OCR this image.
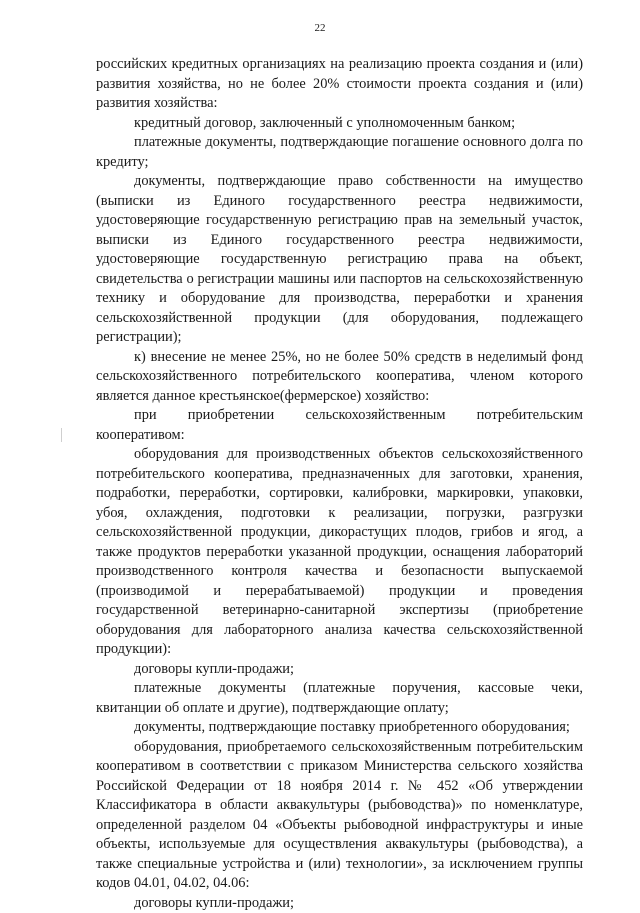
22

российских кредитных организациях на реализацию проекта создания и (или) развития хозяйства, но не более 20% стоимости проекта создания и (или) развития хозяйства:

кредитный договор, заключенный с уполномоченным банком;

платежные документы, подтверждающие погашение основного долга по кредиту;

документы, подтверждающие право собственности на имущество (выписки из Единого государственного реестра недвижимости, удостоверяющие государственную регистрацию прав на земельный участок, выписки из Единого государственного реестра недвижимости, удостоверяющие государственную регистрацию права на объект, свидетельства о регистрации машины или паспортов на сельскохозяйственную технику и оборудование для производства, переработки и хранения сельскохозяйственной продукции (для оборудования, подлежащего регистрации);

к) внесение не менее 25%, но не более 50% средств в неделимый фонд сельскохозяйственного потребительского кооператива, членом которого является данное крестьянское(фермерское) хозяйство:

при приобретении сельскохозяйственным потребительским кооперативом:

оборудования для производственных объектов сельскохозяйственного потребительского кооператива, предназначенных для заготовки, хранения, подработки, переработки, сортировки, калибровки, маркировки, упаковки, убоя, охлаждения, подготовки к реализации, погрузки, разгрузки сельскохозяйственной продукции, дикорастущих плодов, грибов и ягод, а также продуктов переработки указанной продукции, оснащения лабораторий производственного контроля качества и безопасности выпускаемой (производимой и перерабатываемой) продукции и проведения государственной ветеринарно-санитарной экспертизы (приобретение оборудования для лабораторного анализа качества сельскохозяйственной продукции):

договоры купли-продажи;

платежные документы (платежные поручения, кассовые чеки, квитанции об оплате и другие), подтверждающие оплату;

документы, подтверждающие поставку приобретенного оборудования;

оборудования, приобретаемого сельскохозяйственным потребительским кооперативом в соответствии с приказом Министерства сельского хозяйства Российской Федерации от 18 ноября 2014 г. № 452 «Об утверждении Классификатора в области аквакультуры (рыбоводства)» по номенклатуре, определенной разделом 04 «Объекты рыбоводной инфраструктуры и иные объекты, используемые для осуществления аквакультуры (рыбоводства), а также специальные устройства и (или) технологии», за исключением группы кодов 04.01, 04.02, 04.06:

договоры купли-продажи;
